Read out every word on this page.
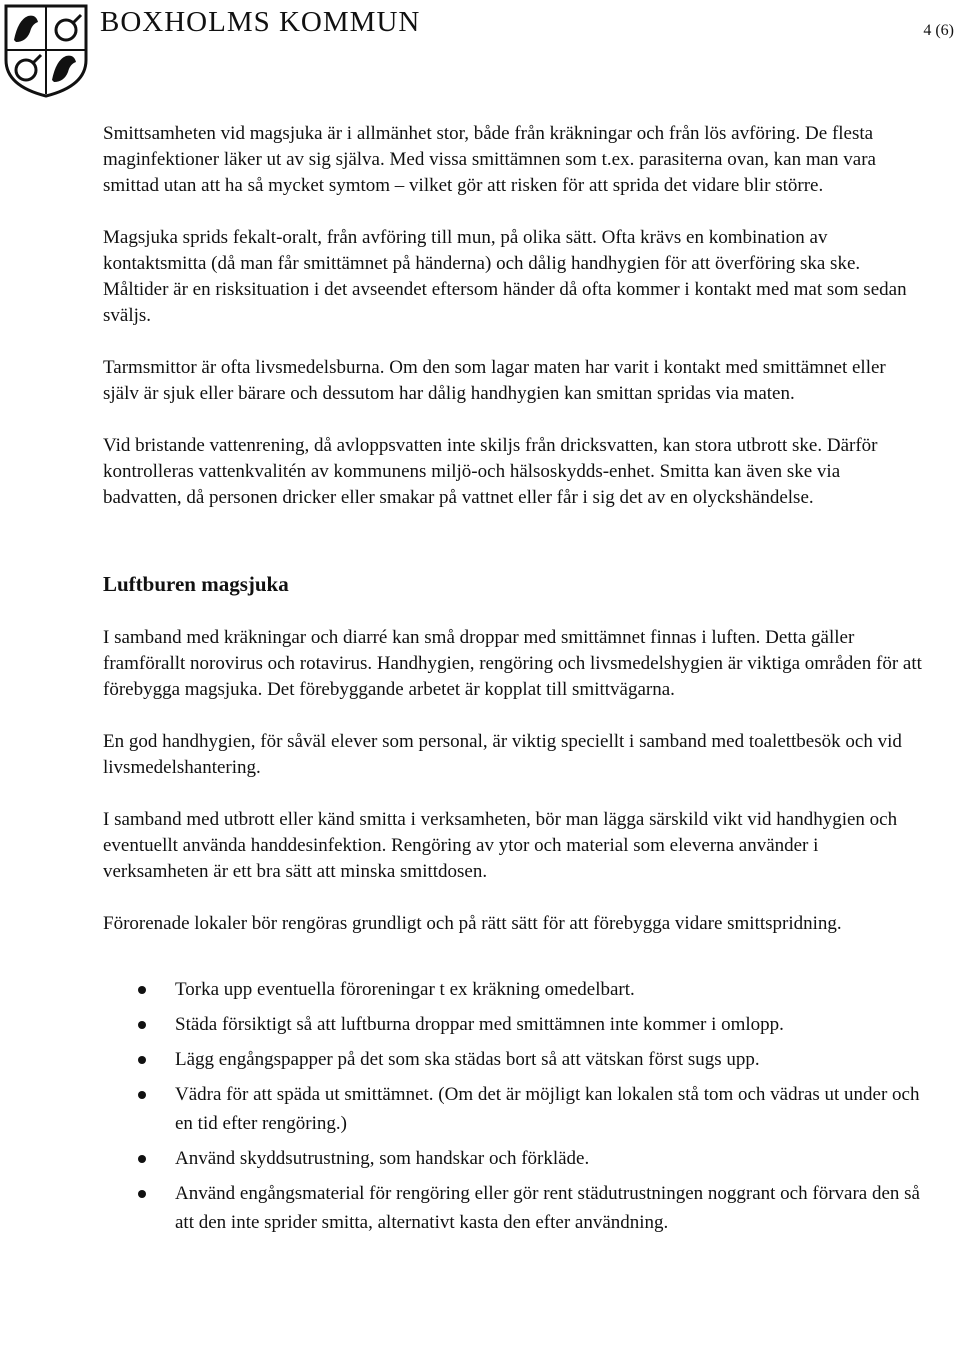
BOXHOLMS KOMMUN	4 (6)

Smittsamheten vid magsjuka är i allmänhet stor, både från kräkningar och från lös avföring. De flesta maginfektioner läker ut av sig själva. Med vissa smittämnen som t.ex. parasiterna ovan, kan man vara smittad utan att ha så mycket symtom – vilket gör att risken för att sprida det vidare blir större.

Magsjuka sprids fekalt-oralt, från avföring till mun, på olika sätt. Ofta krävs en kombination av kontaktsmitta (då man får smittämnet på händerna) och dålig handhygien för att överföring ska ske. Måltider är en risksituation i det avseendet eftersom händer då ofta kommer i kontakt med mat som sedan sväljs.

Tarmsmittor är ofta livsmedelsburna. Om den som lagar maten har varit i kontakt med smittämnet eller själv är sjuk eller bärare och dessutom har dålig handhygien kan smittan spridas via maten.

Vid bristande vattenrening, då avloppsvatten inte skiljs från dricksvatten, kan stora utbrott ske. Därför kontrolleras vattenkvalitén av kommunens miljö-och hälsoskydds-enhet. Smitta kan även ske via badvatten, då personen dricker eller smakar på vattnet eller får i sig det av en olyckshändelse.

Luftburen magsjuka

I samband med kräkningar och diarré kan små droppar med smittämnet finnas i luften. Detta gäller framförallt norovirus och rotavirus. Handhygien, rengöring och livsmedelshygien är viktiga områden för att förebygga magsjuka. Det förebyggande arbetet är kopplat till smittvägarna.

En god handhygien, för såväl elever som personal, är viktig speciellt i samband med toalettbesök och vid livsmedelshantering.

I samband med utbrott eller känd smitta i verksamheten, bör man lägga särskild vikt vid handhygien och eventuellt använda handdesinfektion. Rengöring av ytor och material som eleverna använder i verksamheten är ett bra sätt att minska smittdosen.

Förorenade lokaler bör rengöras grundligt och på rätt sätt för att förebygga vidare smittspridning.

Torka upp eventuella föroreningar t ex kräkning omedelbart.
Städa försiktigt så att luftburna droppar med smittämnen inte kommer i omlopp.
Lägg engångspapper på det som ska städas bort så att vätskan först sugs upp.
Vädra för att späda ut smittämnet. (Om det är möjligt kan lokalen stå tom och vädras ut under och en tid efter rengöring.)
Använd skyddsutrustning, som handskar och förkläde.
Använd engångsmaterial för rengöring eller gör rent städutrustningen noggrant och förvara den så att den inte sprider smitta, alternativt kasta den efter användning.
